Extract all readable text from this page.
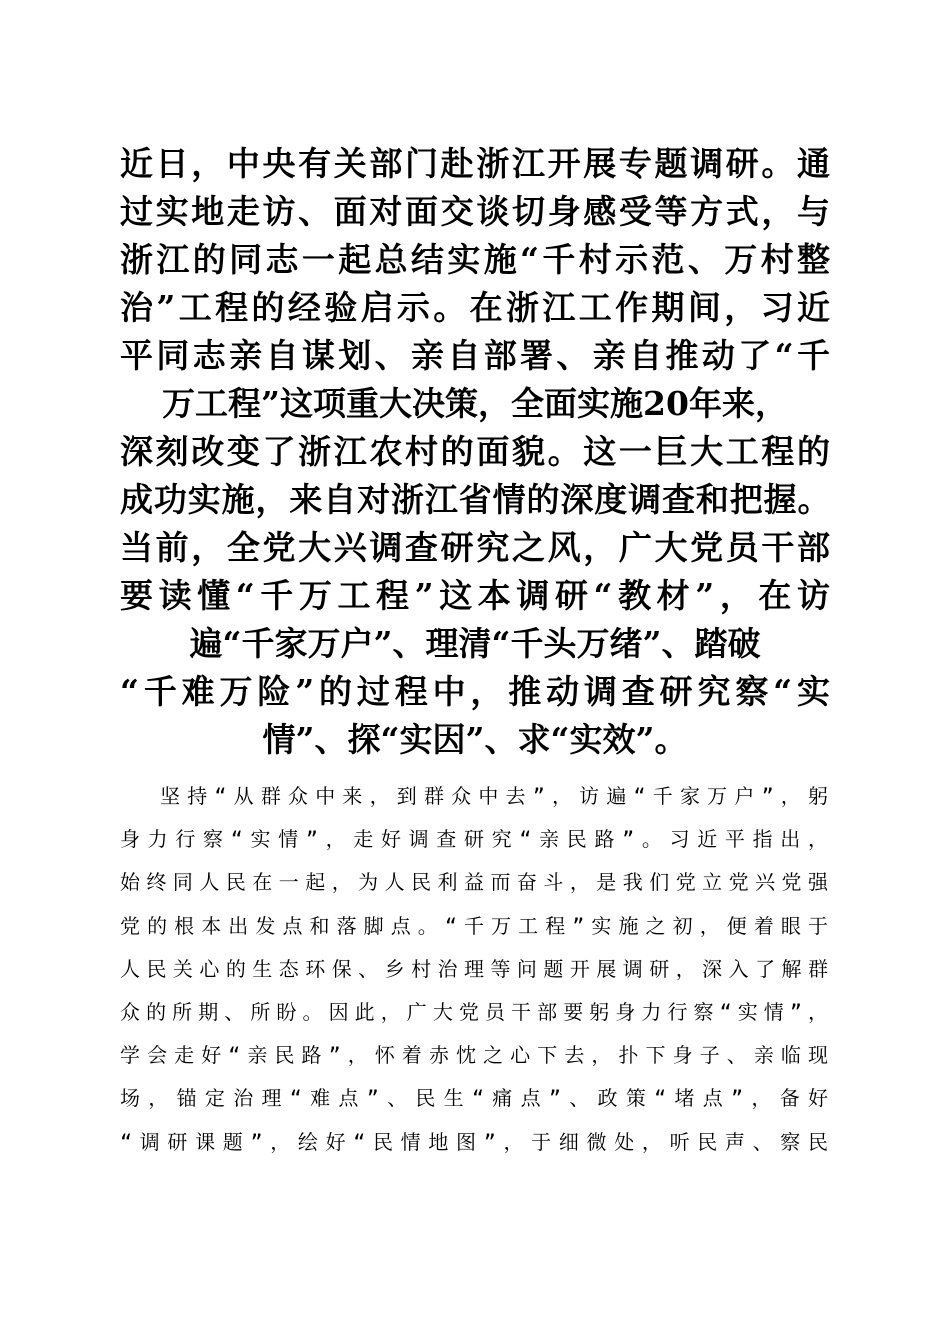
近日，中央有关部门赴浙江开展专题调研。通
过实地走访、面对面交谈切身感受等方式，与
浙江的同志一起总结实施“千村示范、万村整
治”工程的经验启示。在浙江工作期间，习近
平同志亲自谋划、亲自部署、亲自推动了“千
万工程”这项重大决策，全面实施20年来，
深刻改变了浙江农村的面貌。这一巨大工程的
成功实施，来自对浙江省情的深度调查和把握。
当前，全党大兴调查研究之风，广大党员干部
要读懂“千万工程”这本调研“教材”，在访
遍“千家万户”、理清“千头万绪”、踏破
“千难万险”的过程中，推动调查研究察“实
情”、探“实因”、求“实效”。
坚持“从群众中来，到群众中去”，访遍“千家万户”，躬
身力行察“实情”，走好调查研究“亲民路”。习近平指出，
始终同人民在一起，为人民利益而奋斗，是我们党立党兴党强
党的根本出发点和落脚点。“千万工程”实施之初，便着眼于
人民关心的生态环保、乡村治理等问题开展调研，深入了解群
众的所期、所盼。因此，广大党员干部要躬身力行察“实情”，
学会走好“亲民路”，怀着赤忱之心下去，扑下身子、亲临现
场，锚定治理“难点”、民生“痛点”、政策“堵点”，备好
“调研课题”，绘好“民情地图”，于细微处，听民声、察民
